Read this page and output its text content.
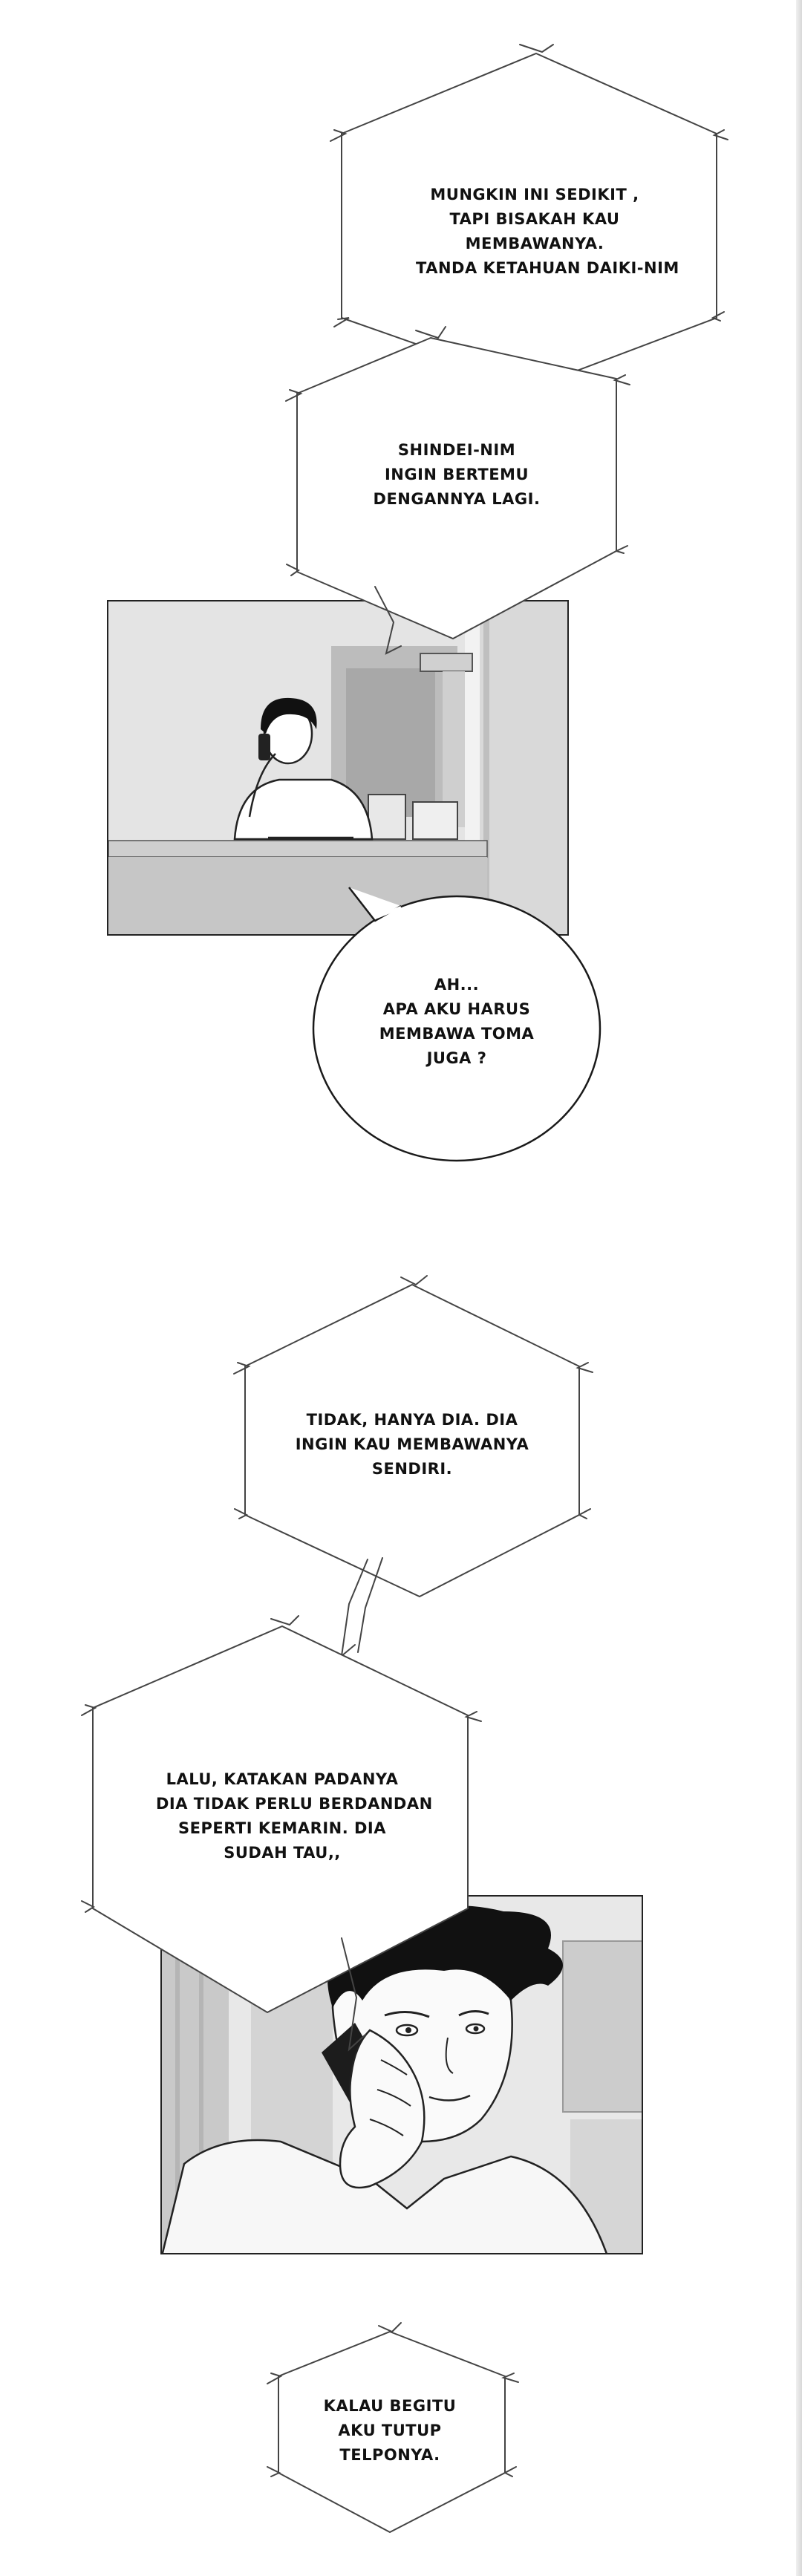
MUNGKIN INI SEDIKIT ,
TAPI BISAKAH KAU
MEMBAWANYA.
TANDA KETAHUAN DAIKI-NIM
SHINDEI-NIM
INGIN BERTEMU
DENGANNYA LAGI.
AH...
APA AKU HARUS
MEMBAWA TOMA
JUGA ?
TIDAK, HANYA DIA. DIA
INGIN KAU MEMBAWANYA
SENDIRI.
LALU, KATAKAN PADANYA
DIA TIDAK PERLU BERDANDAN
SEPERTI KEMARIN. DIA
SUDAH TAU,,
KALAU BEGITU
AKU TUTUP
TELPONYA.
